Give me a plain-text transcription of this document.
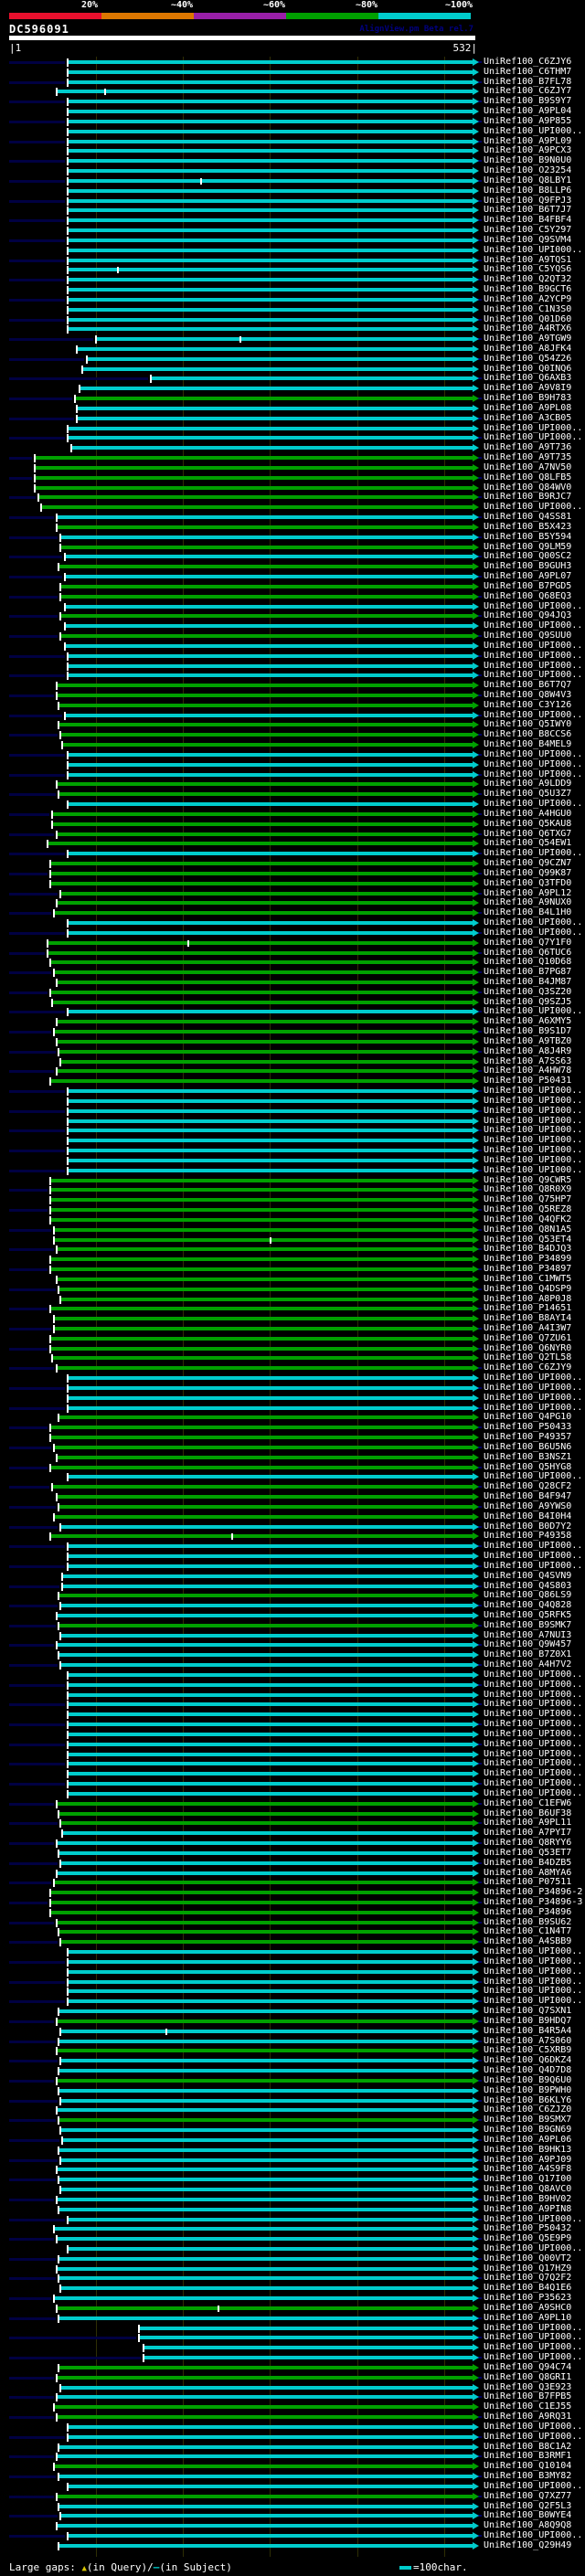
20%	~40%	~60%	~80%	~100%
DC596091	AlignView.pm Beta rel.7
|1	532|
UniRef100_C6ZJY6
UniRef100_C6THM7
UniRef100_B7FL78
UniRef100_C6ZJY7
UniRef100_B9S9Y7
UniRef100_A9PL04
UniRef100_A9P855
UniRef100_UPI000..
UniRef100_A9PL09
UniRef100_A9PCX3
UniRef100_B9N0U0
UniRef100_O23254
UniRef100_Q8LBY1
UniRef100_B8LLP6
UniRef100_Q9FPJ3
UniRef100_B6T7J7
UniRef100_B4FBF4
UniRef100_C5Y297
UniRef100_Q9SVM4
UniRef100_UPI000..
UniRef100_A9TQS1
UniRef100_C5YQS6
UniRef100_Q2QT32
UniRef100_B9GCT6
UniRef100_A2YCP9
UniRef100_C1N3S0
UniRef100_Q01D60
UniRef100_A4RTX6
UniRef100_A9TGW9
UniRef100_A8JFK4
UniRef100_Q54Z26
UniRef100_Q0INQ6
UniRef100_Q6AXB3
UniRef100_A9V8I9
UniRef100_B9H783
UniRef100_A9PL08
UniRef100_A3CB05
UniRef100_UPI000..
UniRef100_UPI000..
UniRef100_A9T736
UniRef100_A9T735
UniRef100_A7NV50
UniRef100_Q8LFB5
UniRef100_Q84WV0
UniRef100_B9RJC7
UniRef100_UPI000..
UniRef100_Q4SS81
UniRef100_B5X423
UniRef100_B5Y594
UniRef100_Q9LM59
UniRef100_Q00SC2
UniRef100_B9GUH3
UniRef100_A9PL07
UniRef100_B7PGD5
UniRef100_Q68EQ3
UniRef100_UPI000..
UniRef100_Q94JQ3
UniRef100_UPI000..
UniRef100_Q9SUU0
UniRef100_UPI000..
UniRef100_UPI000..
UniRef100_UPI000..
UniRef100_UPI000..
UniRef100_B6T7Q7
UniRef100_Q8W4V3
UniRef100_C3Y126
UniRef100_UPI000..
UniRef100_Q5IWY0
UniRef100_B8CCS6
UniRef100_B4MEL9
UniRef100_UPI000..
UniRef100_UPI000..
UniRef100_UPI000..
UniRef100_A9LDD9
UniRef100_Q5U3Z7
UniRef100_UPI000..
UniRef100_A4HGU0
UniRef100_Q5KAU8
UniRef100_Q6TXG7
UniRef100_Q54EW1
UniRef100_UPI000..
UniRef100_Q9CZN7
UniRef100_Q99K87
UniRef100_Q3TFD0
UniRef100_A9PL12
UniRef100_A9NUX0
UniRef100_B4L1H0
UniRef100_UPI000..
UniRef100_UPI000..
UniRef100_Q7Y1F0
UniRef100_Q6TUC6
UniRef100_Q10D68
UniRef100_B7PG87
UniRef100_B4JM87
UniRef100_Q3SZ20
UniRef100_Q9SZJ5
UniRef100_UPI000..
UniRef100_A6XMY5
UniRef100_B9S1D7
UniRef100_A9TBZ0
UniRef100_A8J4R9
UniRef100_A7SS63
UniRef100_A4HW78
UniRef100_P50431
UniRef100_UPI000..
UniRef100_UPI000..
UniRef100_UPI000..
UniRef100_UPI000..
UniRef100_UPI000..
UniRef100_UPI000..
UniRef100_UPI000..
UniRef100_UPI000..
UniRef100_UPI000..
UniRef100_Q9CWR5
UniRef100_Q8R0X9
UniRef100_Q75HP7
UniRef100_Q5REZ8
UniRef100_Q4QFK2
UniRef100_Q8N1A5
UniRef100_Q53ET4
UniRef100_B4DJQ3
UniRef100_P34899
UniRef100_P34897
UniRef100_C1MWT5
UniRef100_Q4DSP9
UniRef100_A8P0J8
UniRef100_P14651
UniRef100_B8AYI4
UniRef100_A4I3W7
UniRef100_Q7ZU61
UniRef100_Q6NYR0
UniRef100_Q2TL58
UniRef100_C6ZJY9
UniRef100_UPI000..
UniRef100_UPI000..
UniRef100_UPI000..
UniRef100_UPI000..
UniRef100_Q4PG10
UniRef100_P50433
UniRef100_P49357
UniRef100_B6U5N6
UniRef100_B3NSZ1
UniRef100_Q5HYG8
UniRef100_UPI000..
UniRef100_Q28CF2
UniRef100_B4F947
UniRef100_A9YWS0
UniRef100_B4I0H4
UniRef100_B0D7Y2
UniRef100_P49358
UniRef100_UPI000..
UniRef100_UPI000..
UniRef100_UPI000..
UniRef100_Q4SVN9
UniRef100_Q4S803
UniRef100_Q86LS9
UniRef100_Q4Q828
UniRef100_Q5RFK5
UniRef100_B9SMK7
UniRef100_A7NUI3
UniRef100_Q9W457
UniRef100_B7Z0X1
UniRef100_A4H7V2
UniRef100_UPI000..
UniRef100_UPI000..
UniRef100_UPI000..
UniRef100_UPI000..
UniRef100_UPI000..
UniRef100_UPI000..
UniRef100_UPI000..
UniRef100_UPI000..
UniRef100_UPI000..
UniRef100_UPI000..
UniRef100_UPI000..
UniRef100_UPI000..
UniRef100_UPI000..
UniRef100_C1EFW6
UniRef100_B6UF38
UniRef100_A9PL11
UniRef100_A7PYI7
UniRef100_Q8RYY6
UniRef100_Q53ET7
UniRef100_B4DZB5
UniRef100_A8MYA6
UniRef100_P07511
UniRef100_P34896-2
UniRef100_P34896-3
UniRef100_P34896
UniRef100_B9SU62
UniRef100_C1N4T7
UniRef100_A4SBB9
UniRef100_UPI000..
UniRef100_UPI000..
UniRef100_UPI000..
UniRef100_UPI000..
UniRef100_UPI000..
UniRef100_UPI000..
UniRef100_Q7SXN1
UniRef100_B9HDQ7
UniRef100_B4R5A4
UniRef100_A7S060
UniRef100_C5XRB9
UniRef100_Q6DKZ4
UniRef100_Q4D7D8
UniRef100_B9Q6U0
UniRef100_B9PWH0
UniRef100_B6KLY6
UniRef100_C6ZJZ0
UniRef100_B9SMX7
UniRef100_B9GN69
UniRef100_A9PL06
UniRef100_B9HK13
UniRef100_A9PJ09
UniRef100_A4S9F8
UniRef100_Q17I00
UniRef100_Q8AVC0
UniRef100_B9HV02
UniRef100_A9PIN8
UniRef100_UPI000..
UniRef100_P50432
UniRef100_Q5E9P9
UniRef100_UPI000..
UniRef100_Q00VT2
UniRef100_Q17HZ9
UniRef100_Q7Q2F2
UniRef100_B4Q1E6
UniRef100_P35623
UniRef100_A9SHC0
UniRef100_A9PL10
UniRef100_UPI000..
UniRef100_UPI000..
UniRef100_UPI000..
UniRef100_UPI000..
UniRef100_Q94C74
UniRef100_Q8GRI1
UniRef100_Q3E923
UniRef100_B7FPB5
UniRef100_C1EJ55
UniRef100_A9RQ31
UniRef100_UPI000..
UniRef100_UPI000..
UniRef100_B8C1A2
UniRef100_B3RMF1
UniRef100_Q10104
UniRef100_B3MY82
UniRef100_UPI000..
UniRef100_Q7XZ77
UniRef100_Q2F5L3
UniRef100_B0WYE4
UniRef100_A8Q9Q8
UniRef100_UPI000..
UniRef100_Q29H49
Large gaps: ▲(in Query)/–(in Subject)	=100char.
